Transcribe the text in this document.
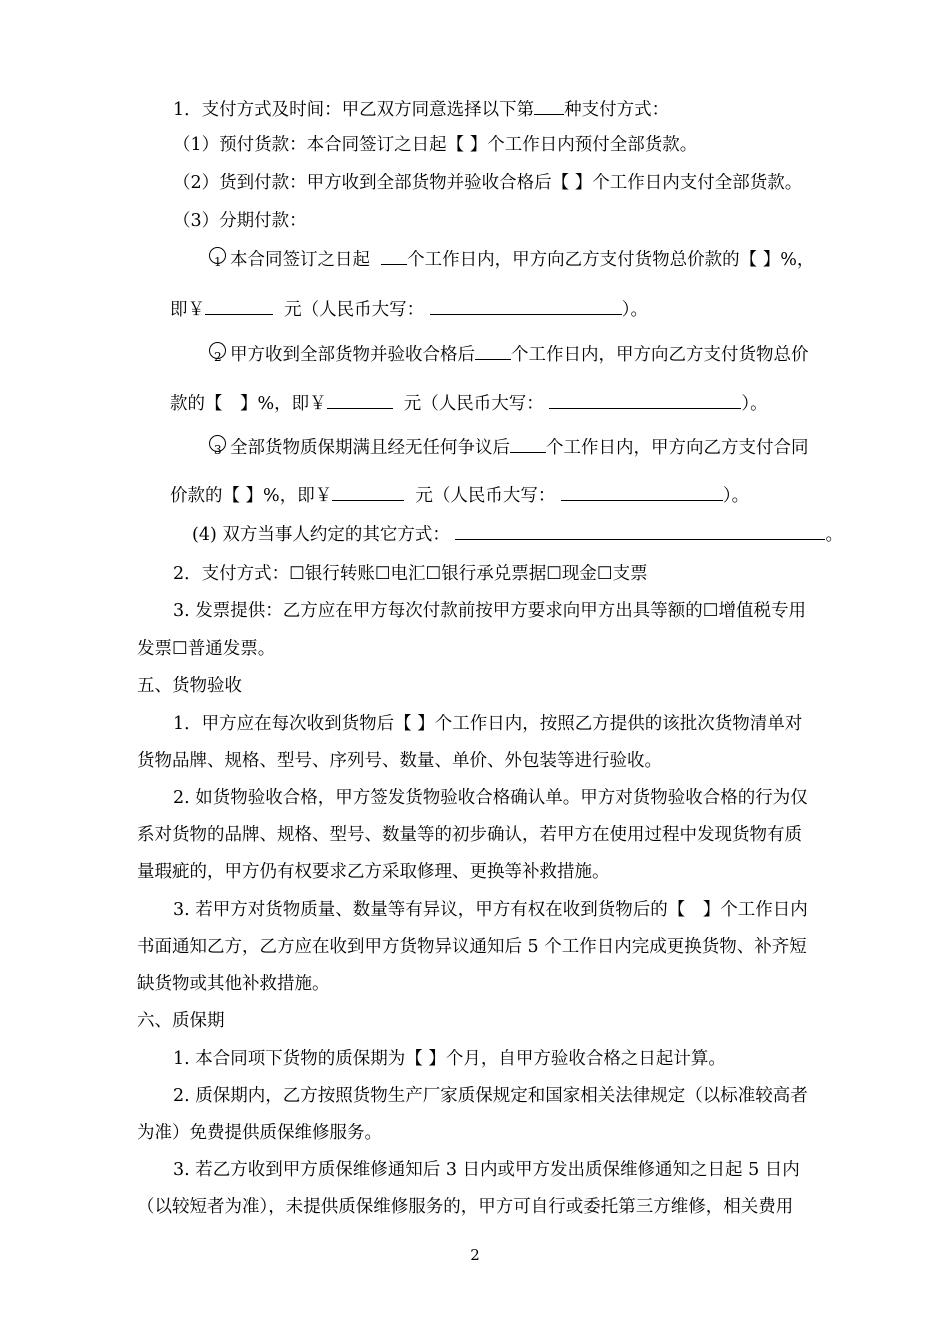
1．支付方式及时间：甲乙双方同意选择以下第 种支付方式：
（1）预付货款：本合同签订之日起【 】个工作日内预付全部货款。
（2）货到付款：甲方收到全部货物并验收合格后【 】个工作日内支付全部货款。
（3）分期付款：
1 本合同签订之日起 个工作日内，甲方向乙方支付货物总价款的【 】%，
即￥	元（人民币大写：	）。
2 甲方收到全部货物并验收合格后 个工作日内，甲方向乙方支付货物总价
款的【　】%，即￥	元（人民币大写：	）。
3 全部货物质保期满且经无任何争议后 个工作日内，甲方向乙方支付合同
价款的【 】%，即￥	元（人民币大写：	）。
(4) 双方当事人约定的其它方式：	。
2．支付方式：☐银行转账☐电汇☐银行承兑票据☐现金☐支票
3. 发票提供：乙方应在甲方每次付款前按甲方要求向甲方出具等额的☐增值税专用
发票☐普通发票。
五、货物验收
1．甲方应在每次收到货物后【 】个工作日内，按照乙方提供的该批次货物清单对
货物品牌、规格、型号、序列号、数量、单价、外包装等进行验收。
2. 如货物验收合格，甲方签发货物验收合格确认单。甲方对货物验收合格的行为仅
系对货物的品牌、规格、型号、数量等的初步确认，若甲方在使用过程中发现货物有质
量瑕疵的，甲方仍有权要求乙方采取修理、更换等补救措施。
3. 若甲方对货物质量、数量等有异议，甲方有权在收到货物后的【　】个工作日内
书面通知乙方，乙方应在收到甲方货物异议通知后 5 个工作日内完成更换货物、补齐短
缺货物或其他补救措施。
六、质保期
1. 本合同项下货物的质保期为【 】个月，自甲方验收合格之日起计算。
2. 质保期内，乙方按照货物生产厂家质保规定和国家相关法律规定（以标准较高者
为准）免费提供质保维修服务。
3. 若乙方收到甲方质保维修通知后 3 日内或甲方发出质保维修通知之日起 5 日内
（以较短者为准），未提供质保维修服务的，甲方可自行或委托第三方维修，相关费用
2
